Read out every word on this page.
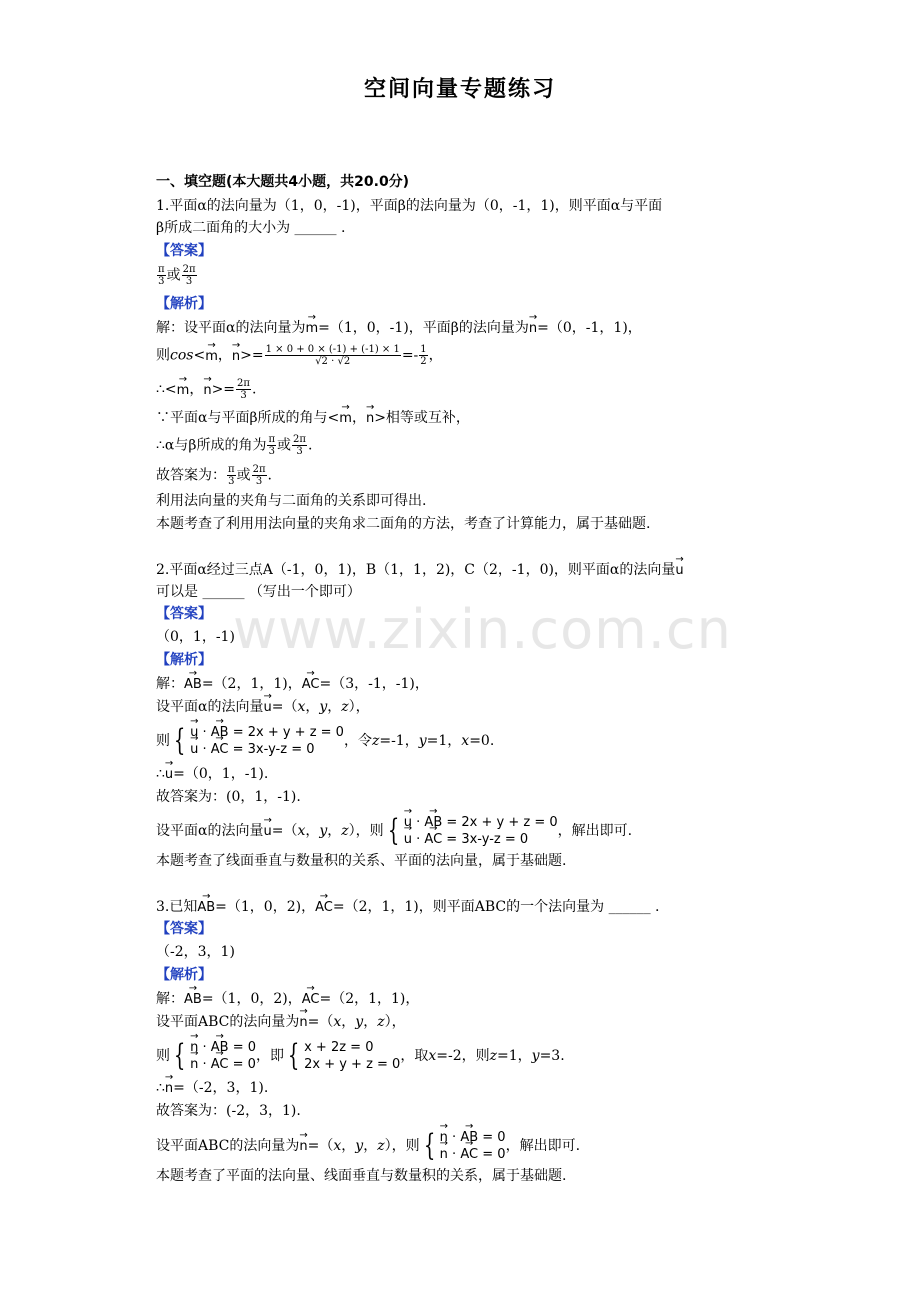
空间向量专题练习
一、填空题(本大题共4小题，共20.0分)
1.平面α的法向量为（1，0，-1)，平面β的法向量为（0，-1，1)，则平面α与平面
β所成二面角的大小为 ______ .
【答案】
$\frac{\pi}{3}$ 或 $\frac{2\pi}{3}$
【解析】
解：设平面α的法向量为→ m=（1，0，-1)，平面β的法向量为→ n=（0，-1，1)，
则cos<→ m，→ $n>= \frac{1 \times 0 + 0 \times (-1) + (-1) \times 1}{√2 \cdot √2} =- \frac{1}{2}$ ，
∴<→ m，→ $n>= \frac{2\pi}{3}$ .
∵平面α与平面β所成的角与<→ m，→ n>相等或互补，
∴α与β所成的角为 $\frac{\pi}{3}$ 或 $\frac{2\pi}{3}$ .
故答案为： $\frac{\pi}{3}$ 或 $\frac{2\pi}{3}$ .
利用法向量的夹角与二面角的关系即可得出.
本题考查了利用用法向量的夹角求二面角的方法，考查了计算能力，属于基础题.
2.平面α经过三点A（-1，0，1)，B（1，1，2)，C（2，-1，0)，则平面α的法向量→ u
可以是 ______ （写出一个即可）
【答案】
（0，1，-1)
【解析】
解：→ AB=（2，1，1)，→ AC=（3，-1，-1)，
设平面α的法向量→ u=（x，y，z），
则 { → u · → AB = 2x + y + z = 0
→ u · → AC = 3x-y-z = 0
，令z=-1，y=1，x=0.
∴→ u=（0，1，-1).
故答案为：(0，1，-1).
设平面α的法向量→ u=（x，y，z），则 { → u · → AB = 2x + y + z = 0
→ u · → AC = 3x-y-z = 0
，解出即可.
本题考查了线面垂直与数量积的关系、平面的法向量，属于基础题.
3.已知→ AB=（1，0，2)，→ AC=（2，1，1)，则平面ABC的一个法向量为 ______ .
【答案】
（-2，3，1)
【解析】
解：→ AB=（1，0，2)，→ AC=（2，1，1)，
设平面ABC的法向量为→ n=（x，y，z），
则 { → n · → AB = 0
→ n · → AC = 0
，即 { x + 2z = 0
2x + y + z = 0
，取x=-2，则z=1，y=3.
∴→ n=（-2，3，1).
故答案为：(-2，3，1).
设平面ABC的法向量为→ n=（x，y，z），则 { → n · → AB = 0
→ n · → AC = 0
，解出即可.
本题考查了平面的法向量、线面垂直与数量积的关系，属于基础题.
www.zixin.com.cn
